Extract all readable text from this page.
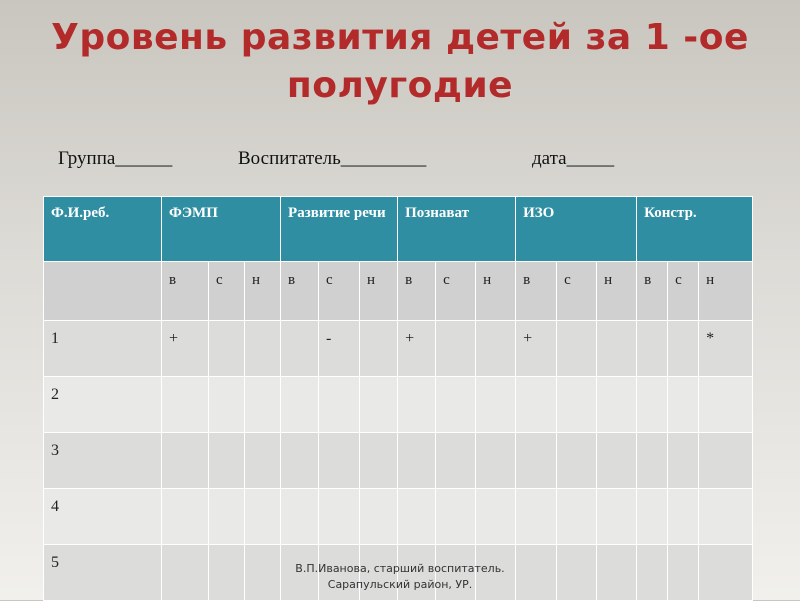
Уровень развития детей за 1 -ое
полугодие
Группа______	Воспитатель_________	дата_____
Ф.И.реб.	ФЭМП			Развитие речи			Познават			ИЗО			Констр.		
	в	с	н	в	с	н	в	с	н	в	с	н	в	с	н
1	+				-		+			+					*
2															
3															
4															
5																В.П.Иванова, старший воспитатель.
Сарапульский район, УР.
